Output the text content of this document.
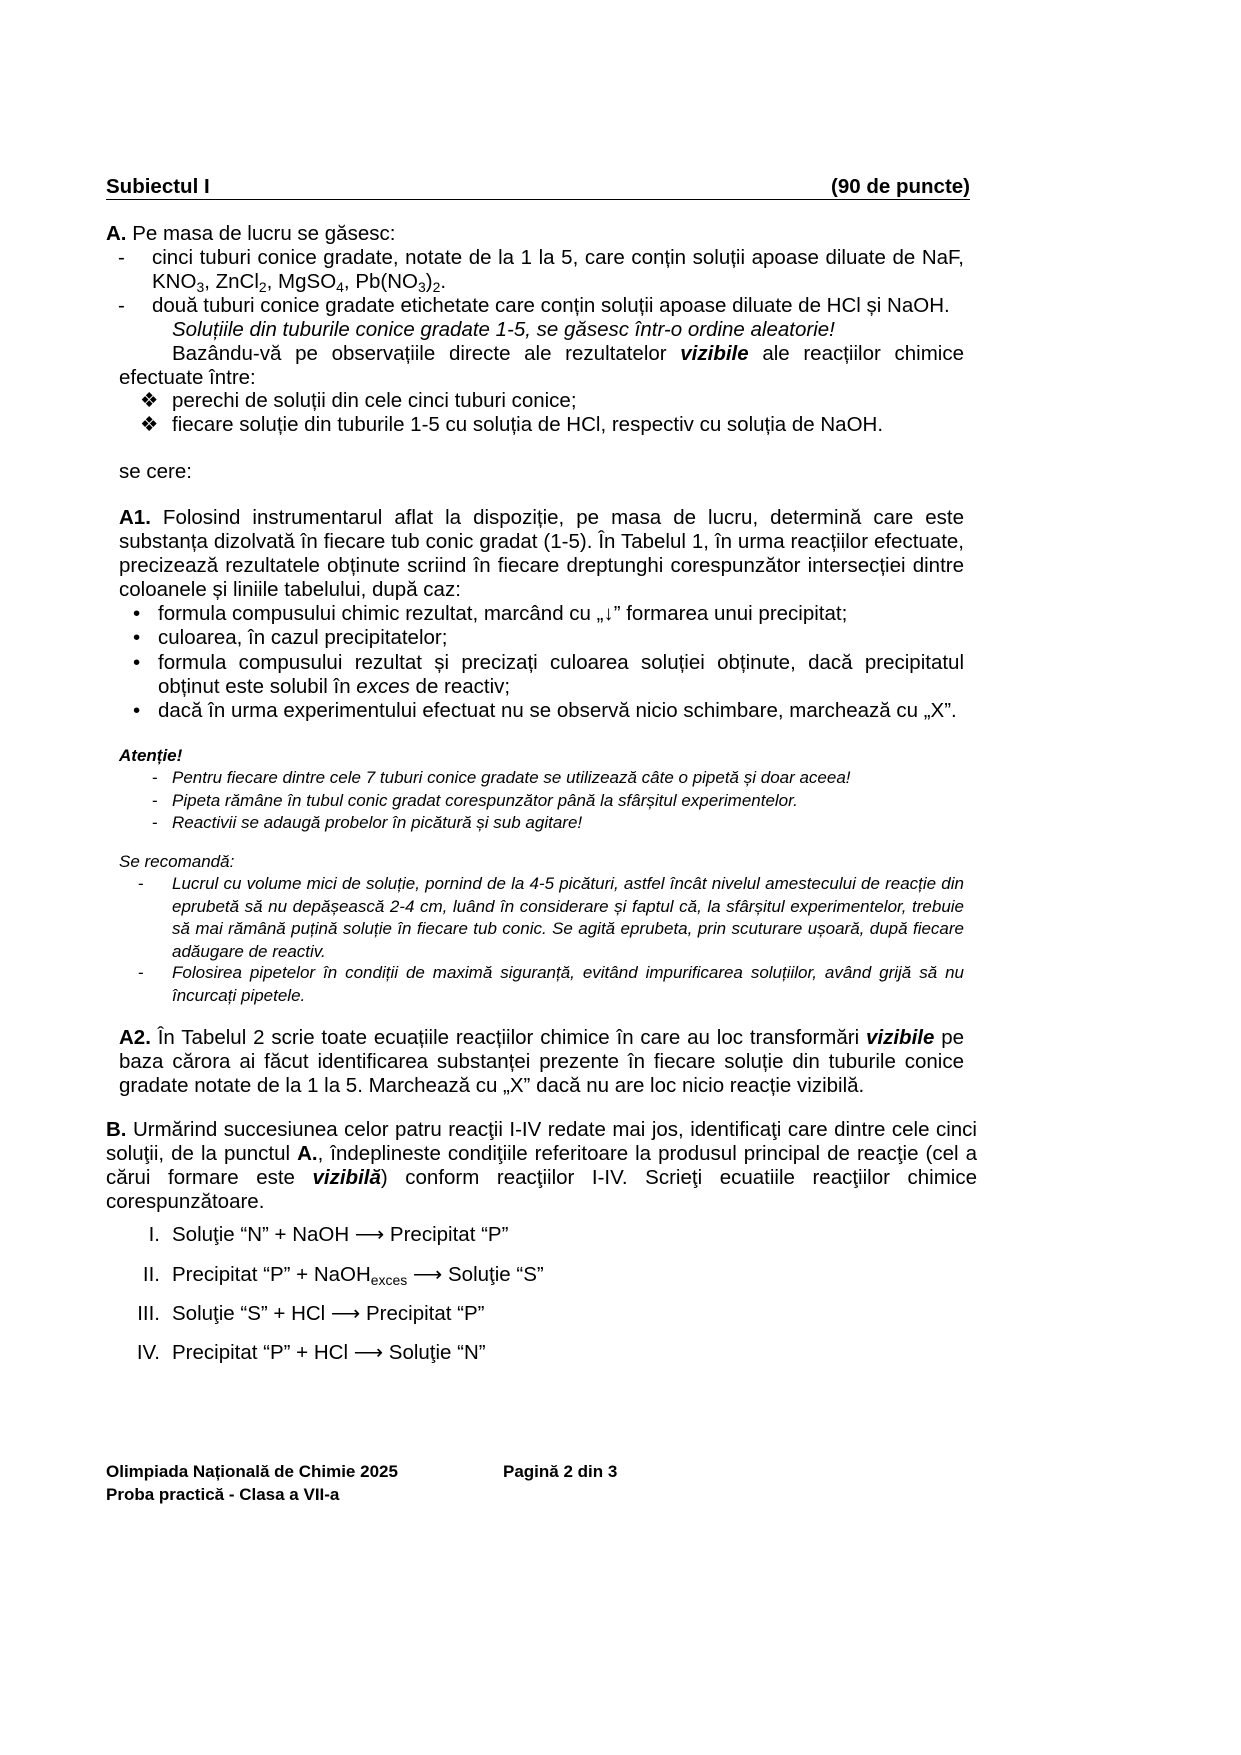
Subiectul I	(90 de puncte)
A. Pe masa de lucru se găsesc:
- cinci tuburi conice gradate, notate de la 1 la 5, care conțin soluții apoase diluate de NaF, $KNO_3$, ZnCl$_2$, MgSO$_4$, $Pb(NO_3)_2$.
- două tuburi conice gradate etichetate care conțin soluții apoase diluate de HCl și NaOH.
Soluțiile din tuburile conice gradate 1-5, se găsesc într-o ordine aleatorie!
Bazându-vă pe observațiile directe ale rezultatelor vizibile ale reacțiilor chimice efectuate între:
❖ perechi de soluții din cele cinci tuburi conice;
❖ fiecare soluție din tuburile 1-5 cu soluția de HCl, respectiv cu soluția de NaOH.
se cere:
A1. Folosind instrumentarul aflat la dispoziție, pe masa de lucru, determină care este substanța dizolvată în fiecare tub conic gradat (1-5). În Tabelul 1, în urma reacțiilor efectuate, precizează rezultatele obținute scriind în fiecare dreptunghi corespunzător intersecției dintre coloanele și liniile tabelului, după caz:
• formula compusului chimic rezultat, marcând cu „↓” formarea unui precipitat;
• culoarea, în cazul precipitatelor;
• formula compusului rezultat și precizați culoarea soluției obținute, dacă precipitatul obținut este solubil în exces de reactiv;
• dacă în urma experimentului efectuat nu se observă nicio schimbare, marchează cu „X”.
Atenție!
- Pentru fiecare dintre cele 7 tuburi conice gradate se utilizează câte o pipetă și doar aceea!
- Pipeta rămâne în tubul conic gradat corespunzător până la sfârșitul experimentelor.
- Reactivii se adaugă probelor în picătură și sub agitare!
Se recomandă:
- Lucrul cu volume mici de soluție, pornind de la 4-5 picături, astfel încât nivelul amestecului de reacție din eprubetă să nu depășească 2-4 cm, luând în considerare și faptul că, la sfârșitul experimentelor, trebuie să mai rămână puțină soluție în fiecare tub conic. Se agită eprubeta, prin scuturare ușoară, după fiecare adăugare de reactiv.
- Folosirea pipetelor în condiții de maximă siguranță, evitând impurificarea soluțiilor, având grijă să nu încurcați pipetele.
A2. În Tabelul 2 scrie toate ecuațiile reacțiilor chimice în care au loc transformări vizibile pe baza cărora ai făcut identificarea substanței prezente în fiecare soluție din tuburile conice gradate notate de la 1 la 5. Marchează cu „X” dacă nu are loc nicio reacție vizibilă.
B. Urmărind succesiunea celor patru reacţii I-IV redate mai jos, identificaţi care dintre cele cinci soluţii, de la punctul A., îndeplineste condiţiile referitoare la produsul principal de reacţie (cel a cărui formare este vizibilă) conform reacţiilor I-IV. Scrieţi ecuatiile reacţiilor chimice corespunzătoare.
I. Soluţie “N” + NaOH ⟶ Precipitat “P”
II. Precipitat “P” + NaOH$_{exces}$ ⟶ Soluţie “S”
III. Soluţie “S” + HCl ⟶ Precipitat “P”
IV. Precipitat “P” + HCl ⟶ Soluţie “N”
Olimpiada Națională de Chimie 2025
Proba practică - Clasa a VII-a
Pagină 2 din 3
